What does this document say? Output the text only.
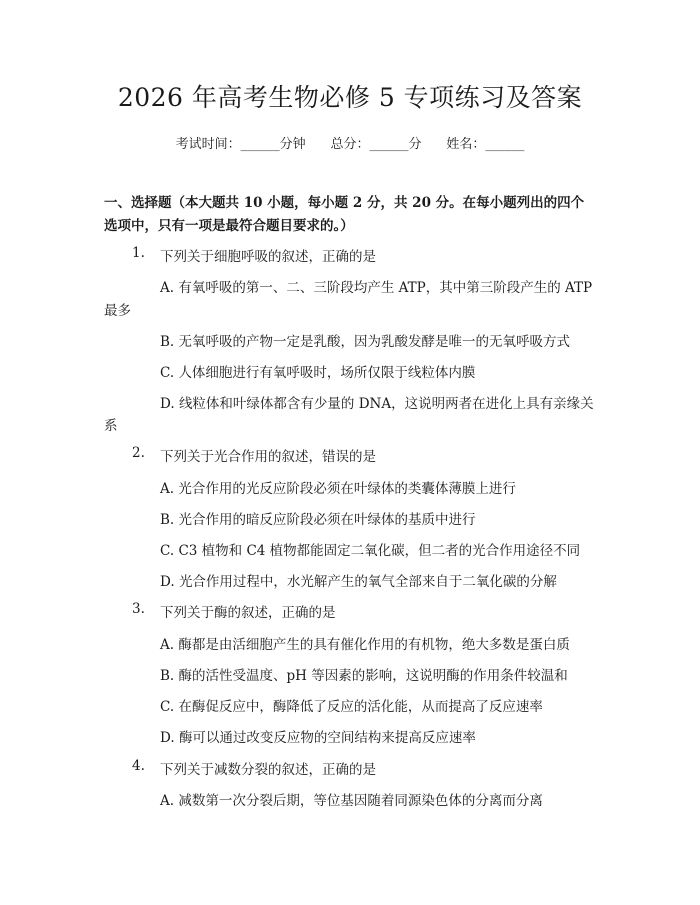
2026 年高考生物必修 5 专项练习及答案
考试时间：______分钟 总分：______分 姓名：______
一、选择题（本大题共 10 小题，每小题 2 分，共 20 分。在每小题列出的四个选项中，只有一项是最符合题目要求的。）
1. 下列关于细胞呼吸的叙述，正确的是
A. 有氧呼吸的第一、二、三阶段均产生 ATP，其中第三阶段产生的 ATP
最多
B. 无氧呼吸的产物一定是乳酸，因为乳酸发酵是唯一的无氧呼吸方式
C. 人体细胞进行有氧呼吸时，场所仅限于线粒体内膜
D. 线粒体和叶绿体都含有少量的 DNA，这说明两者在进化上具有亲缘关
系
2. 下列关于光合作用的叙述，错误的是
A. 光合作用的光反应阶段必须在叶绿体的类囊体薄膜上进行
B. 光合作用的暗反应阶段必须在叶绿体的基质中进行
C. C3 植物和 C4 植物都能固定二氧化碳，但二者的光合作用途径不同
D. 光合作用过程中，水光解产生的氧气全部来自于二氧化碳的分解
3. 下列关于酶的叙述，正确的是
A. 酶都是由活细胞产生的具有催化作用的有机物，绝大多数是蛋白质
B. 酶的活性受温度、pH 等因素的影响，这说明酶的作用条件较温和
C. 在酶促反应中，酶降低了反应的活化能，从而提高了反应速率
D. 酶可以通过改变反应物的空间结构来提高反应速率
4. 下列关于减数分裂的叙述，正确的是
A. 减数第一次分裂后期，等位基因随着同源染色体的分离而分离
